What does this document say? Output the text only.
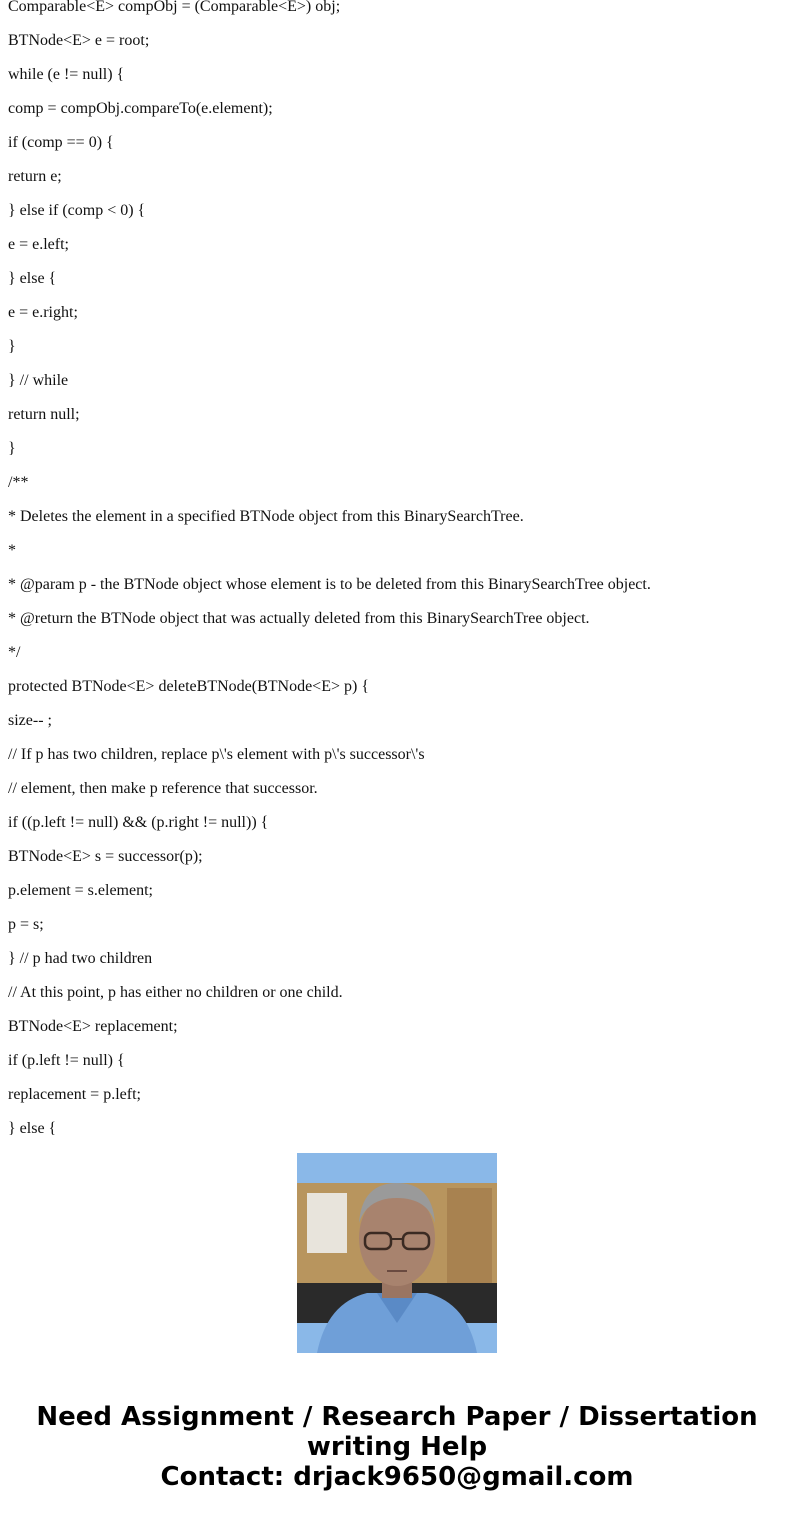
Comparable<E> compObj = (Comparable<E>) obj;
BTNode<E> e = root;
while (e != null) {
comp = compObj.compareTo(e.element);
if (comp == 0) {
return e;
} else if (comp < 0) {
e = e.left;
} else {
e = e.right;
}
} // while
return null;
}
/**
* Deletes the element in a specified BTNode object from this BinarySearchTree.
*
* @param p - the BTNode object whose element is to be deleted from this BinarySearchTree object.
* @return the BTNode object that was actually deleted from this BinarySearchTree object.
*/
protected BTNode<E> deleteBTNode(BTNode<E> p) {
size-- ;
// If p has two children, replace p\'s element with p\'s successor\'s
// element, then make p reference that successor.
if ((p.left != null) && (p.right != null)) {
BTNode<E> s = successor(p);
p.element = s.element;
p = s;
} // p had two children
// At this point, p has either no children or one child.
BTNode<E> replacement;
if (p.left != null) {
replacement = p.left;
} else {
Need Assignment / Research Paper / Dissertation
writing Help
Contact: drjack9650@gmail.com
